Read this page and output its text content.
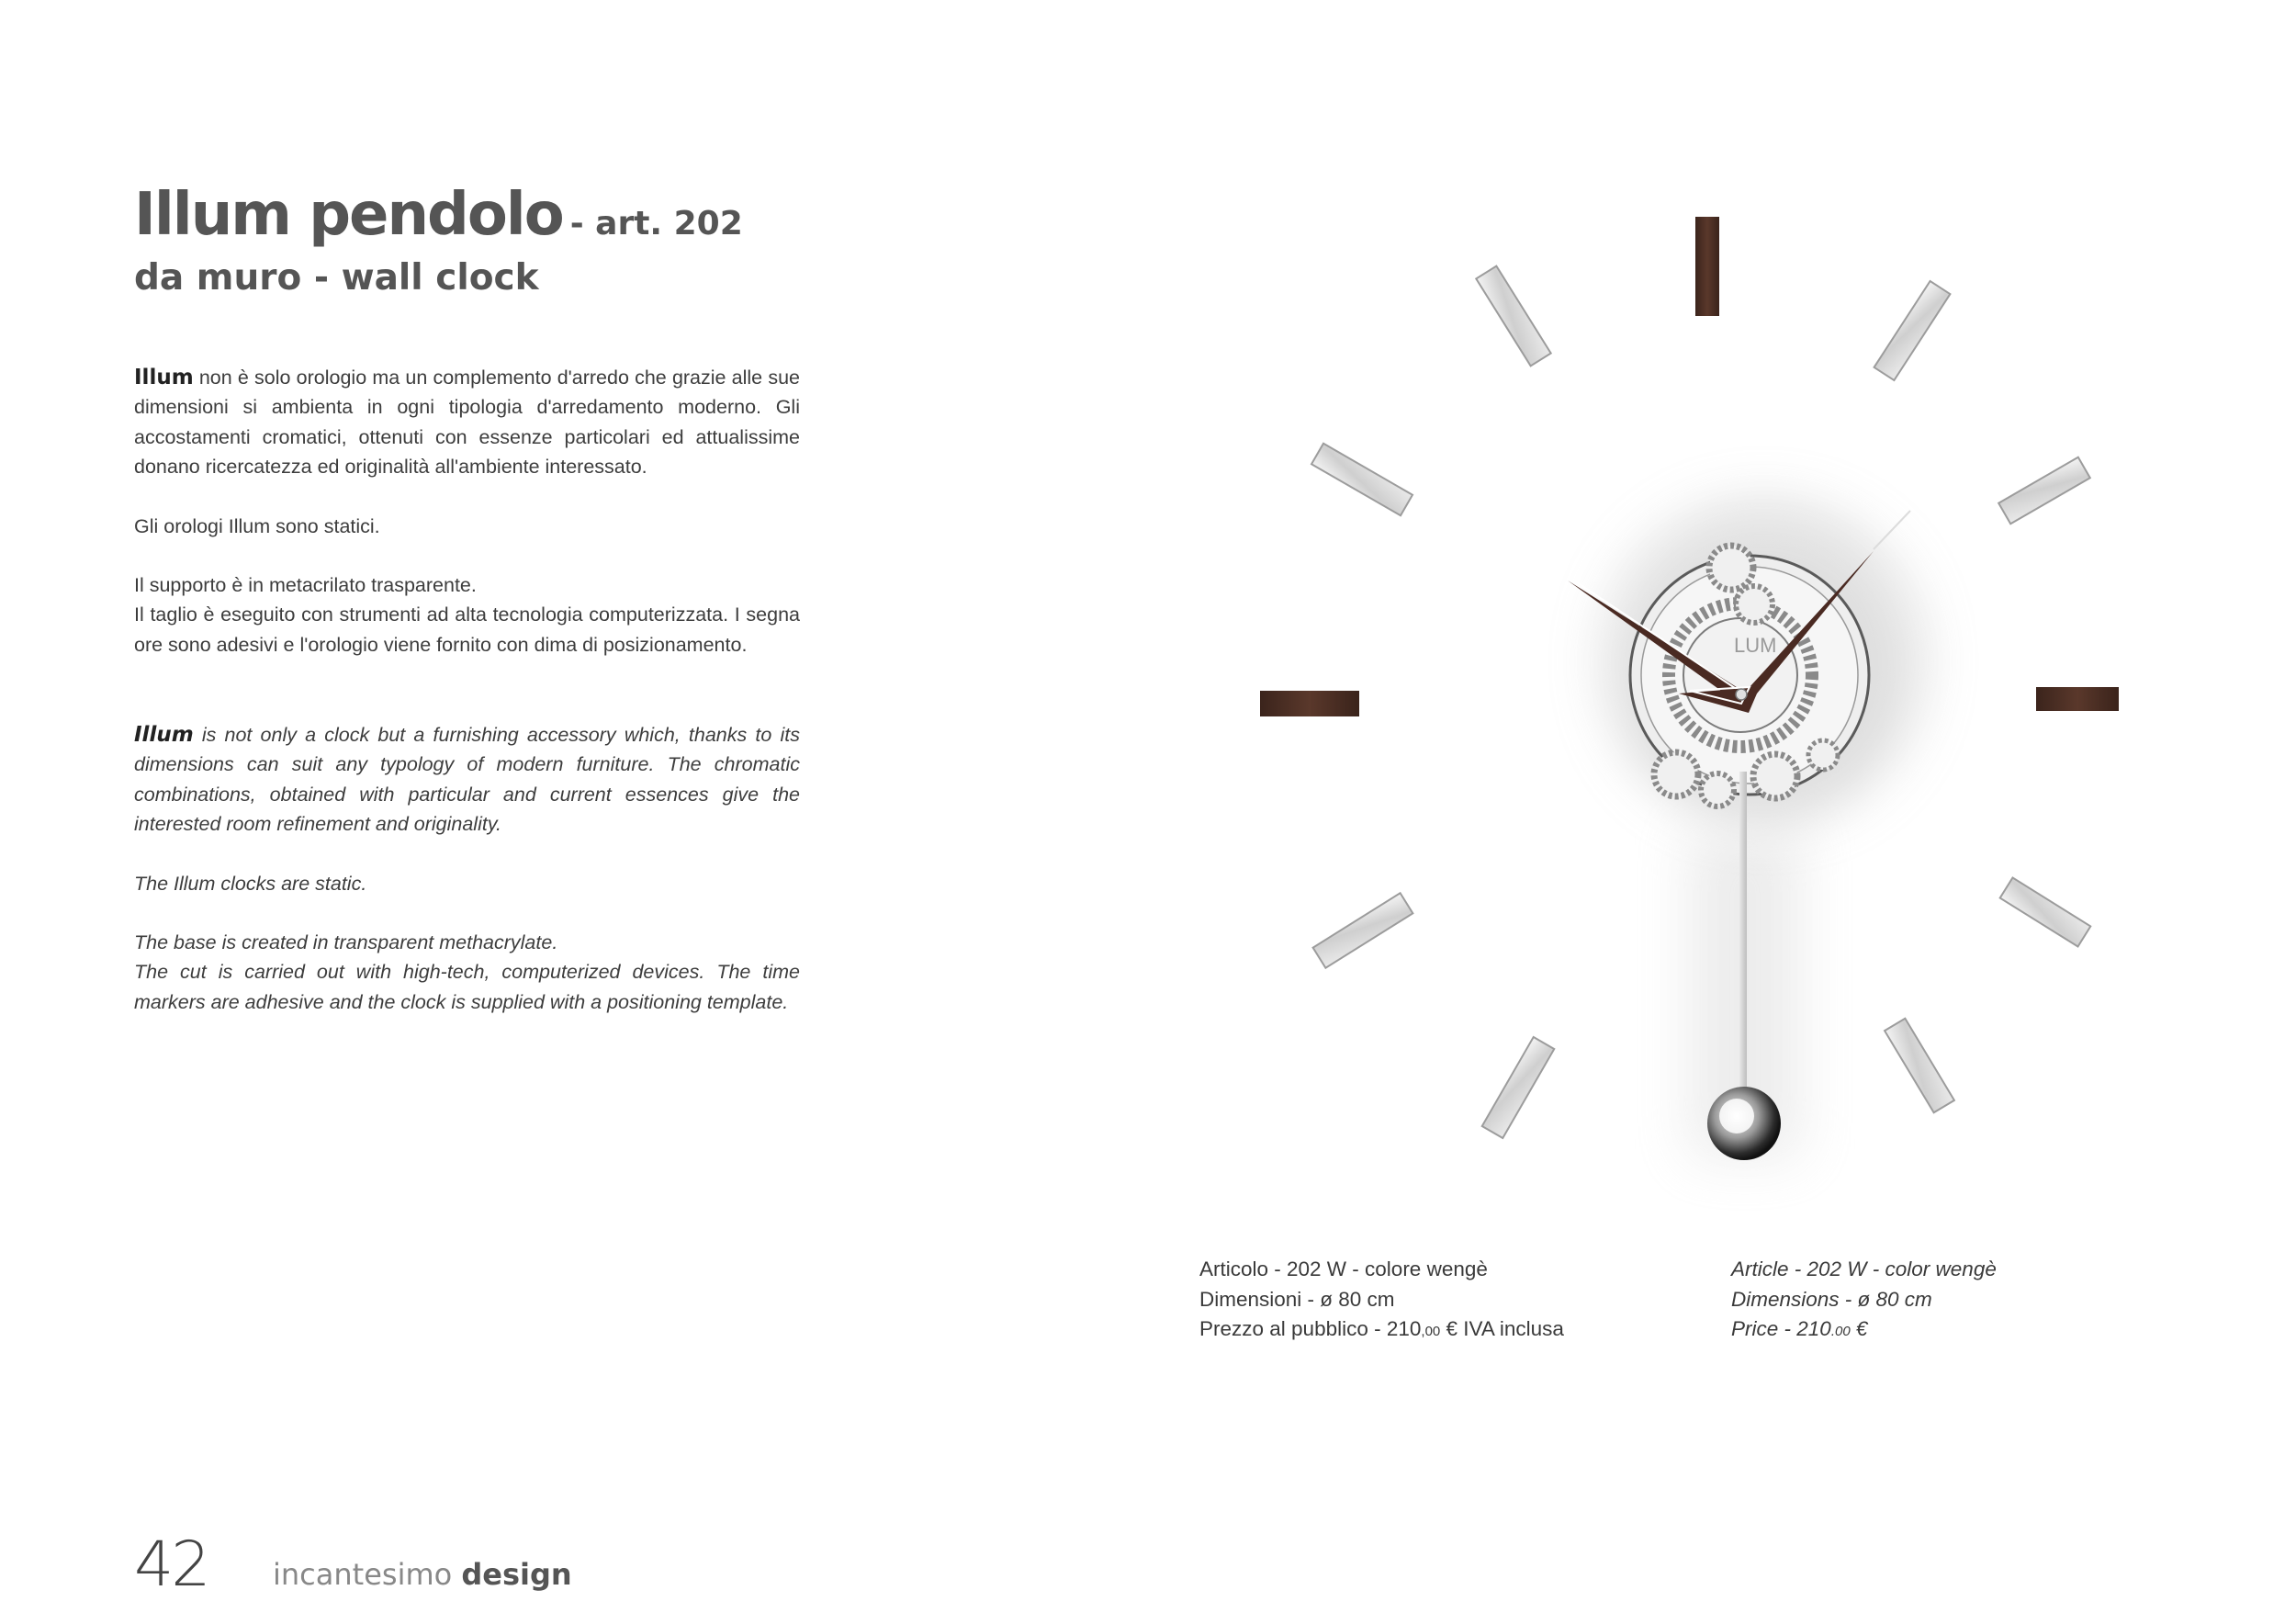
Illum pendolo - art. 202
da muro - wall clock

Illum non è solo orologio ma un complemento d'arredo che grazie alle sue dimensioni si ambienta in ogni tipologia d'arredamento moderno. Gli accostamenti cromatici, ottenuti con essenze particolari ed attualissime donano ricercatezza ed originalità all'ambiente interessato.

Gli orologi Illum sono statici.

Il supporto è in metacrilato trasparente.
Il taglio è eseguito con strumenti ad alta tecnologia computerizzata. I segna ore sono adesivi e l'orologio viene fornito con dima di posizionamento.

Illum is not only a clock but a furnishing accessory which, thanks to its dimensions can suit any typology of modern furniture. The chromatic combinations, obtained with particular and current essences give the interested room refinement and originality.

The Illum clocks are static.

The base is created in transparent methacrylate.
The cut is carried out with high-tech, computerized devices. The time markers are adhesive and the clock is supplied with a positioning template.

LUM
Articolo - 202 W - colore wengè
Dimensioni - ø 80 cm
Prezzo al pubblico - 210,00 € IVA inclusa
Article - 202 W - color wengè
Dimensions - ø 80 cm
Price - 210.00 €
42 incantesimo design
